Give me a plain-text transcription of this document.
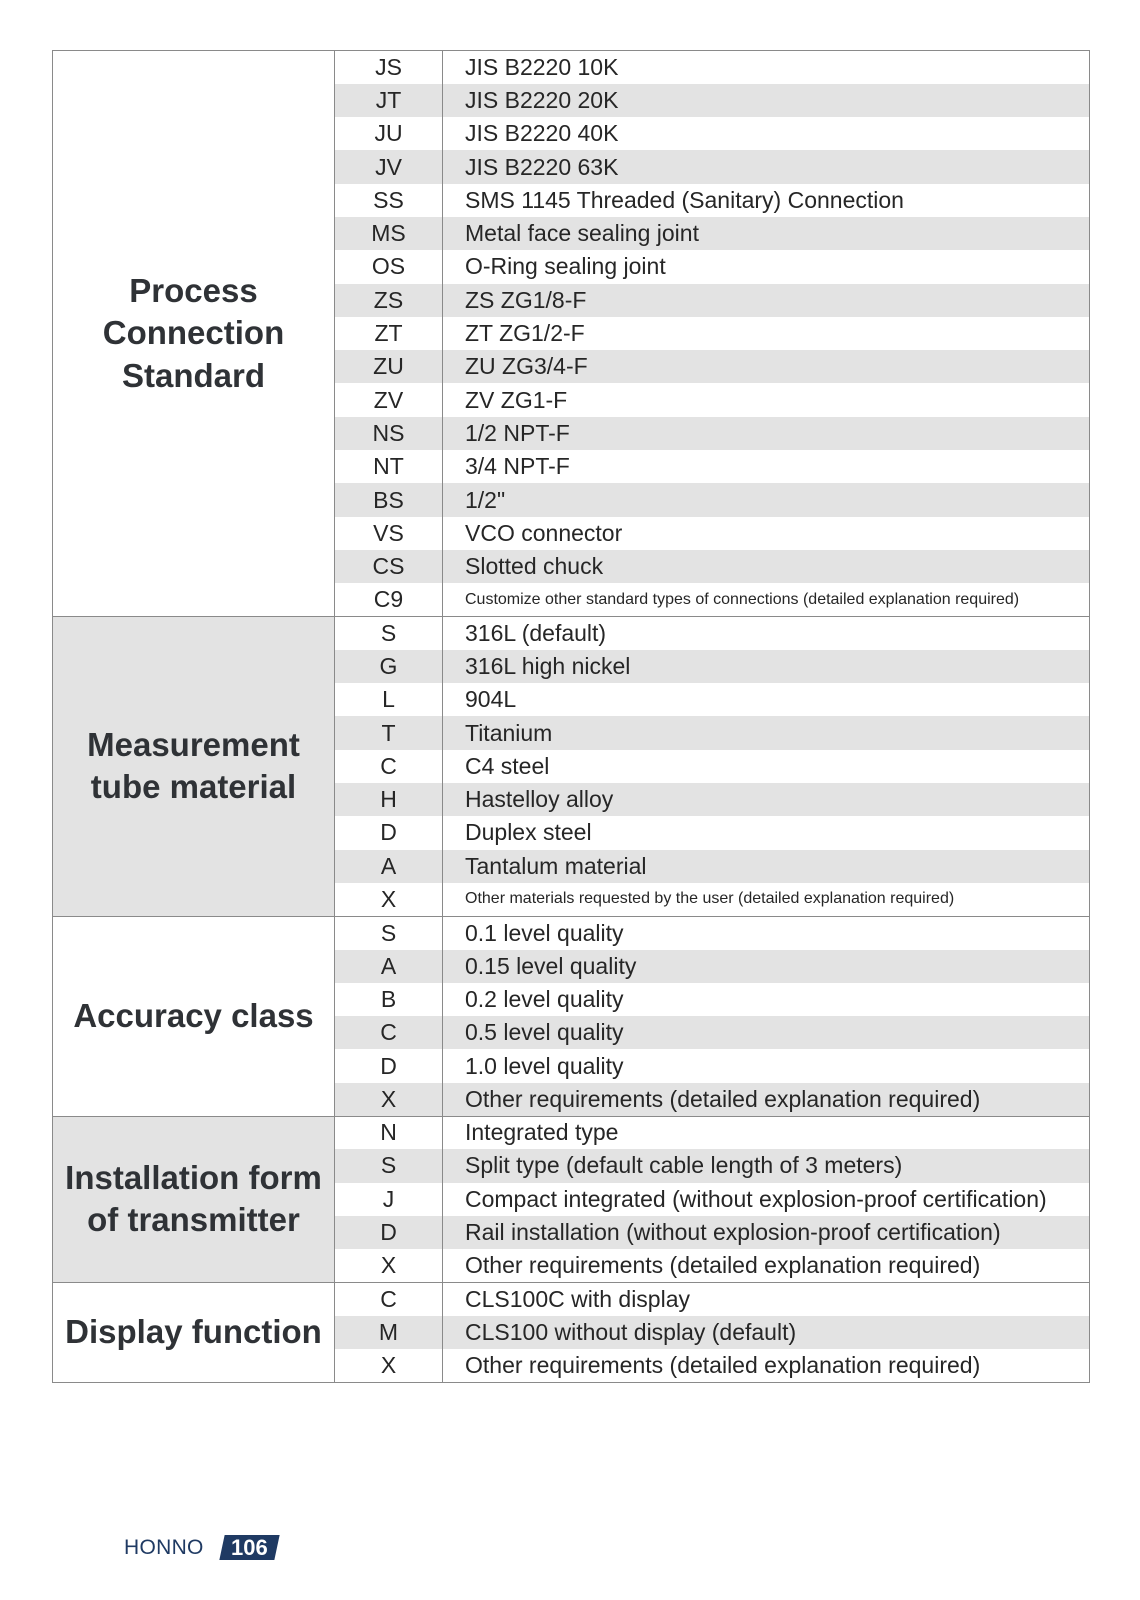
Process
Connection
Standard	JS	JIS B2220 10K
	JT	JIS B2220 20K
	JU	JIS B2220 40K
	JV	JIS B2220 63K
	SS	SMS 1145 Threaded (Sanitary) Connection
	MS	Metal face sealing joint
	OS	O-Ring sealing joint
	ZS	ZS ZG1/8-F
	ZT	ZT ZG1/2-F
	ZU	ZU ZG3/4-F
	ZV	ZV ZG1-F
	NS	1/2 NPT-F
	NT	3/4 NPT-F
	BS	1/2"
	VS	VCO connector
	CS	Slotted chuck
	C9	Customize other standard types of connections (detailed explanation required)
Measurement
tube material	S	316L (default)
	G	316L high nickel
	L	904L
	T	Titanium
	C	C4 steel
	H	Hastelloy alloy
	D	Duplex steel
	A	Tantalum material
	X	Other materials requested by the user (detailed explanation required)
Accuracy class	S	0.1 level quality
	A	0.15 level quality
	B	0.2 level quality
	C	0.5 level quality
	D	1.0 level quality
	X	Other requirements (detailed explanation required)
Installation form
of transmitter	N	Integrated type
	S	Split type (default cable length of 3 meters)
	J	Compact integrated (without explosion-proof certification)
	D	Rail installation (without explosion-proof certification)
	X	Other requirements (detailed explanation required)
Display function	C	CLS100C with display
	M	CLS100 without display (default)
	X	Other requirements (detailed explanation required)
HONNO	106
